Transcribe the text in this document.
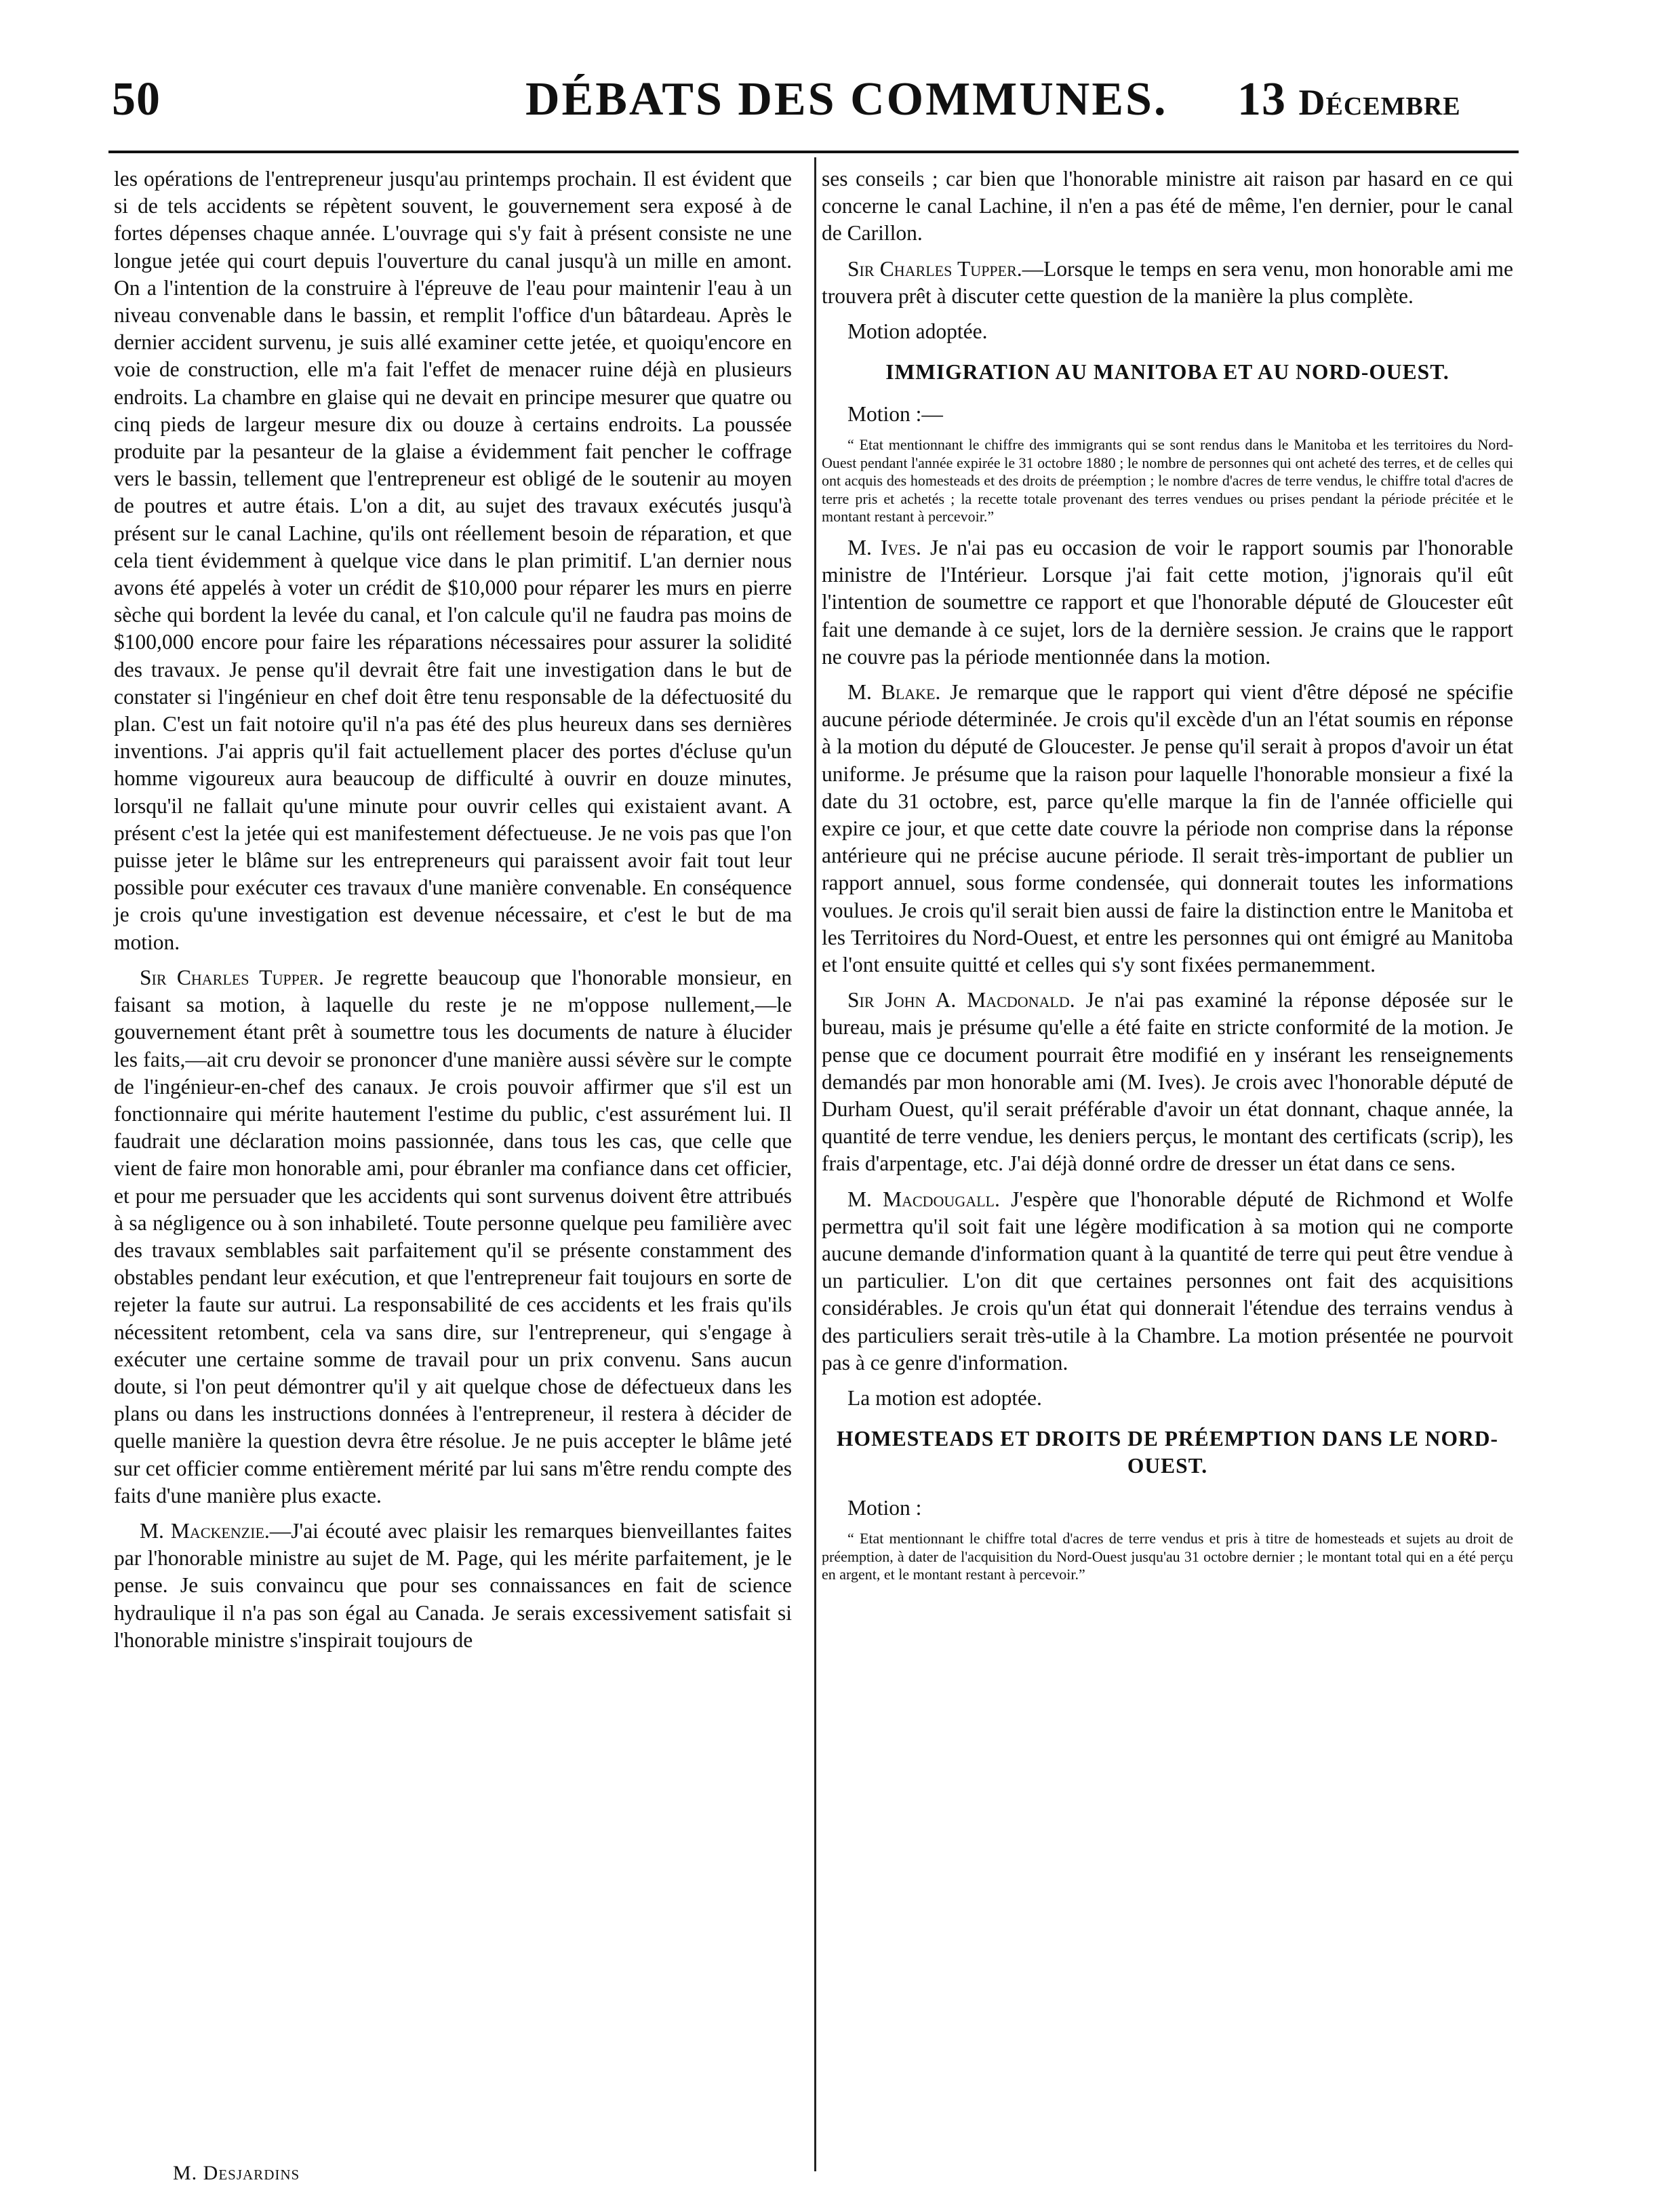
50	DÉBATS DES COMMUNES. 13 Décembre

les opérations de l'entrepreneur jusqu'au printemps prochain. Il est évident que si de tels accidents se répètent souvent, le gouvernement sera exposé à de fortes dépenses chaque année. L'ouvrage qui s'y fait à présent consiste ne une longue jetée qui court depuis l'ouverture du canal jusqu'à un mille en amont. On a l'intention de la construire à l'épreuve de l'eau pour maintenir l'eau à un niveau convenable dans le bassin, et remplit l'office d'un bâtardeau. Après le dernier accident survenu, je suis allé examiner cette jetée, et quoiqu'encore en voie de construction, elle m'a fait l'effet de menacer ruine déjà en plusieurs endroits. La chambre en glaise qui ne devait en principe mesurer que quatre ou cinq pieds de largeur mesure dix ou douze à certains endroits. La poussée produite par la pesanteur de la glaise a évidemment fait pencher le coffrage vers le bassin, tellement que l'entrepreneur est obligé de le soutenir au moyen de poutres et autre étais. L'on a dit, au sujet des travaux exécutés jusqu'à présent sur le canal Lachine, qu'ils ont réellement besoin de réparation, et que cela tient évidemment à quelque vice dans le plan primitif. L'an dernier nous avons été appelés à voter un crédit de $10,000 pour réparer les murs en pierre sèche qui bordent la levée du canal, et l'on calcule qu'il ne faudra pas moins de $100,000 encore pour faire les réparations nécessaires pour assurer la solidité des travaux. Je pense qu'il devrait être fait une investigation dans le but de constater si l'ingénieur en chef doit être tenu responsable de la défectuosité du plan. C'est un fait notoire qu'il n'a pas été des plus heureux dans ses dernières inventions. J'ai appris qu'il fait actuellement placer des portes d'écluse qu'un homme vigoureux aura beaucoup de difficulté à ouvrir en douze minutes, lorsqu'il ne fallait qu'une minute pour ouvrir celles qui existaient avant. A présent c'est la jetée qui est manifestement défectueuse. Je ne vois pas que l'on puisse jeter le blâme sur les entrepreneurs qui paraissent avoir fait tout leur possible pour exécuter ces travaux d'une manière convenable. En conséquence je crois qu'une investigation est devenue nécessaire, et c'est le but de ma motion.

Sir Charles Tupper. Je regrette beaucoup que l'honorable monsieur, en faisant sa motion, à laquelle du reste je ne m'oppose nullement,—le gouvernement étant prêt à soumettre tous les documents de nature à élucider les faits,—ait cru devoir se prononcer d'une manière aussi sévère sur le compte de l'ingénieur-en-chef des canaux. Je crois pouvoir affirmer que s'il est un fonctionnaire qui mérite hautement l'estime du public, c'est assurément lui. Il faudrait une déclaration moins passionnée, dans tous les cas, que celle que vient de faire mon honorable ami, pour ébranler ma confiance dans cet officier, et pour me persuader que les accidents qui sont survenus doivent être attribués à sa négligence ou à son inhabileté. Toute personne quelque peu familière avec des travaux semblables sait parfaitement qu'il se présente constamment des obstables pendant leur exécution, et que l'entrepreneur fait toujours en sorte de rejeter la faute sur autrui. La responsabilité de ces accidents et les frais qu'ils nécessitent retombent, cela va sans dire, sur l'entrepreneur, qui s'engage à exécuter une certaine somme de travail pour un prix convenu. Sans aucun doute, si l'on peut démontrer qu'il y ait quelque chose de défectueux dans les plans ou dans les instructions données à l'entrepreneur, il restera à décider de quelle manière la question devra être résolue. Je ne puis accepter le blâme jeté sur cet officier comme entièrement mérité par lui sans m'être rendu compte des faits d'une manière plus exacte.

M. Mackenzie.—J'ai écouté avec plaisir les remarques bienveillantes faites par l'honorable ministre au sujet de M. Page, qui les mérite parfaitement, je le pense. Je suis convaincu que pour ses connaissances en fait de science hydraulique il n'a pas son égal au Canada. Je serais excessivement satisfait si l'honorable ministre s'inspirait toujours de

ses conseils ; car bien que l'honorable ministre ait raison par hasard en ce qui concerne le canal Lachine, il n'en a pas été de même, l'en dernier, pour le canal de Carillon.

Sir Charles Tupper.—Lorsque le temps en sera venu, mon honorable ami me trouvera prêt à discuter cette question de la manière la plus complète.

Motion adoptée.

IMMIGRATION AU MANITOBA ET AU NORD-OUEST.

Motion :—

“ Etat mentionnant le chiffre des immigrants qui se sont rendus dans le Manitoba et les territoires du Nord-Ouest pendant l'année expirée le 31 octobre 1880 ; le nombre de personnes qui ont acheté des terres, et de celles qui ont acquis des homesteads et des droits de préemption ; le nombre d'acres de terre vendus, le chiffre total d'acres de terre pris et achetés ; la recette totale provenant des terres vendues ou prises pendant la période précitée et le montant restant à percevoir.”

M. Ives. Je n'ai pas eu occasion de voir le rapport soumis par l'honorable ministre de l'Intérieur. Lorsque j'ai fait cette motion, j'ignorais qu'il eût l'intention de soumettre ce rapport et que l'honorable député de Gloucester eût fait une demande à ce sujet, lors de la dernière session. Je crains que le rapport ne couvre pas la période mentionnée dans la motion.

M. Blake. Je remarque que le rapport qui vient d'être déposé ne spécifie aucune période déterminée. Je crois qu'il excède d'un an l'état soumis en réponse à la motion du député de Gloucester. Je pense qu'il serait à propos d'avoir un état uniforme. Je présume que la raison pour laquelle l'honorable monsieur a fixé la date du 31 octobre, est, parce qu'elle marque la fin de l'année officielle qui expire ce jour, et que cette date couvre la période non comprise dans la réponse antérieure qui ne précise aucune période. Il serait très-important de publier un rapport annuel, sous forme condensée, qui donnerait toutes les informations voulues. Je crois qu'il serait bien aussi de faire la distinction entre le Manitoba et les Territoires du Nord-Ouest, et entre les personnes qui ont émigré au Manitoba et l'ont ensuite quitté et celles qui s'y sont fixées permanemment.

Sir John A. Macdonald. Je n'ai pas examiné la réponse déposée sur le bureau, mais je présume qu'elle a été faite en stricte conformité de la motion. Je pense que ce document pourrait être modifié en y insérant les renseignements demandés par mon honorable ami (M. Ives). Je crois avec l'honorable député de Durham Ouest, qu'il serait préférable d'avoir un état donnant, chaque année, la quantité de terre vendue, les deniers perçus, le montant des certificats (scrip), les frais d'arpentage, etc. J'ai déjà donné ordre de dresser un état dans ce sens.

M. Macdougall. J'espère que l'honorable député de Richmond et Wolfe permettra qu'il soit fait une légère modification à sa motion qui ne comporte aucune demande d'information quant à la quantité de terre qui peut être vendue à un particulier. L'on dit que certaines personnes ont fait des acquisitions considérables. Je crois qu'un état qui donnerait l'étendue des terrains vendus à des particuliers serait très-utile à la Chambre. La motion présentée ne pourvoit pas à ce genre d'information.

La motion est adoptée.

HOMESTEADS ET DROITS DE PRÉEMPTION DANS LE NORD-OUEST.

Motion :

“ Etat mentionnant le chiffre total d'acres de terre vendus et pris à titre de homesteads et sujets au droit de préemption, à dater de l'acquisition du Nord-Ouest jusqu'au 31 octobre dernier ; le montant total qui en a été perçu en argent, et le montant restant à percevoir.”

M. Desjardins
